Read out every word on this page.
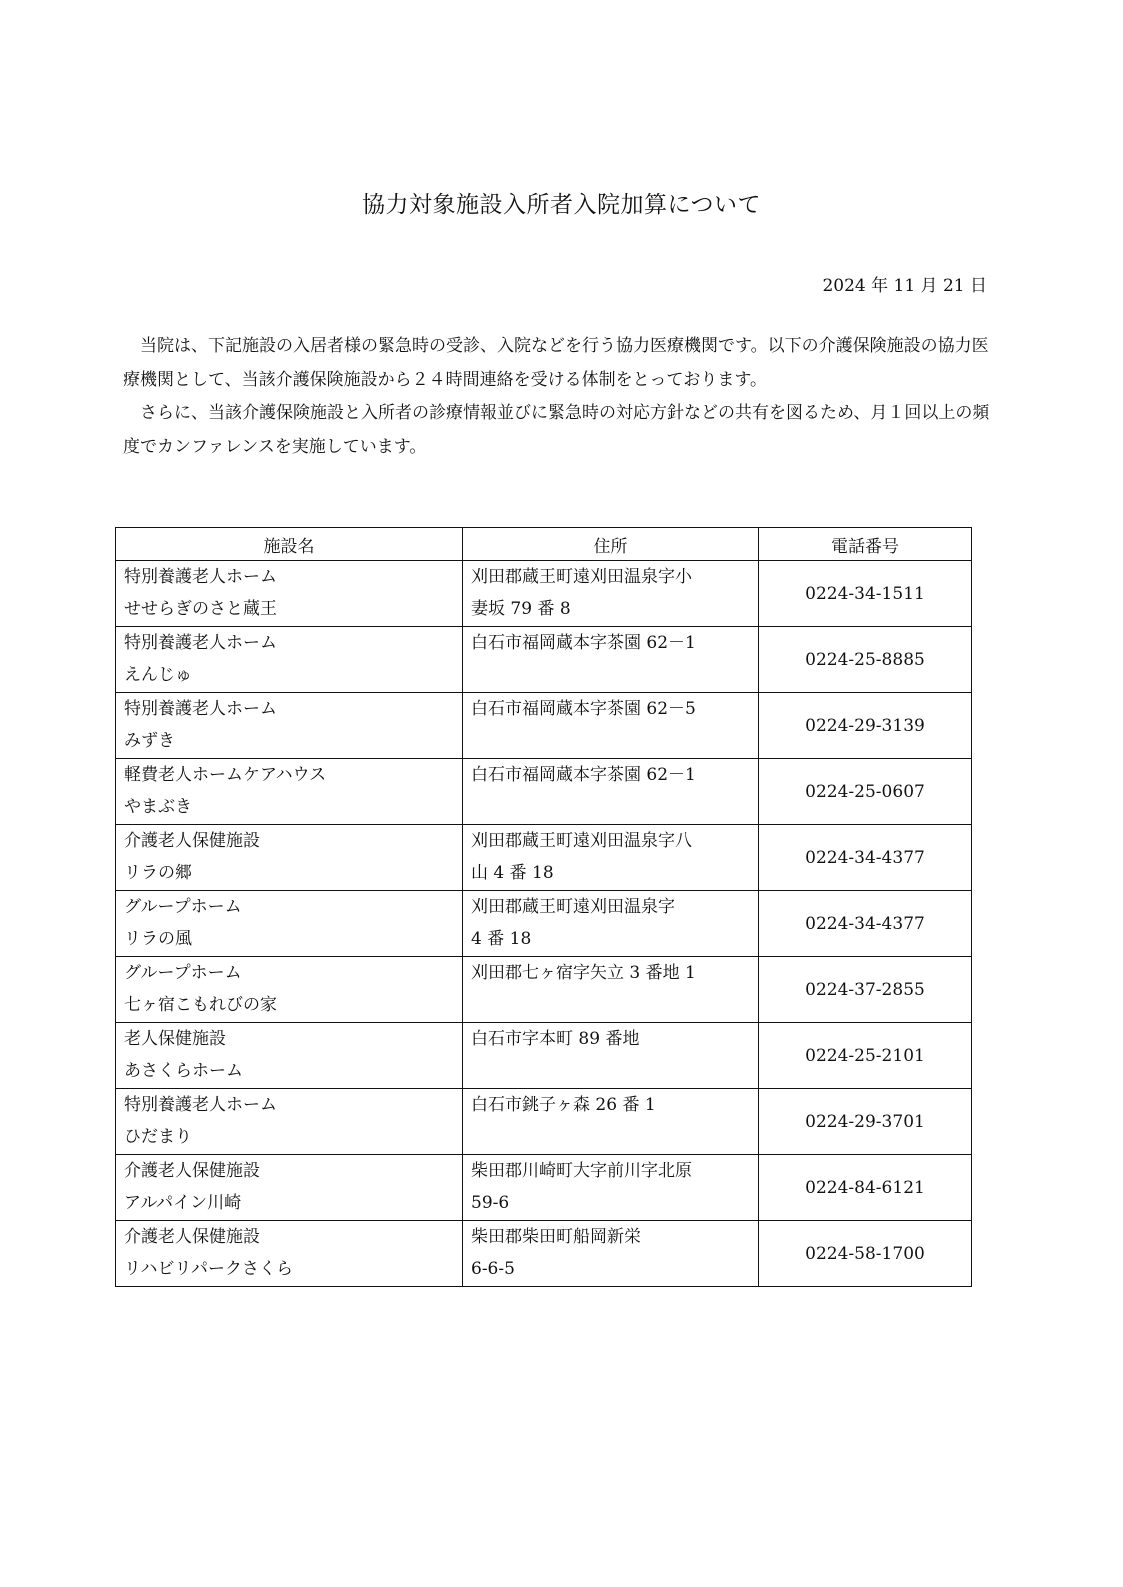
協力対象施設入所者入院加算について
2024 年 11 月 21 日

当院は、下記施設の入居者様の緊急時の受診、入院などを行う協力医療機関です。以下の介護保険施設の協力医療機関として、当該介護保険施設から２４時間連絡を受ける体制をとっております。

さらに、当該介護保険施設と入所者の診療情報並びに緊急時の対応方針などの共有を図るため、月１回以上の頻度でカンファレンスを実施しています。

施設名	住所	電話番号

特別養護老人ホーム
せせらぎのさと蔵王	刈田郡蔵王町遠刈田温泉字小
妻坂 79 番 8	0224-34-1511

特別養護老人ホーム
えんじゅ	白石市福岡蔵本字茶園 62－1	0224-25-8885

特別養護老人ホーム
みずき	白石市福岡蔵本字茶園 62－5	0224-29-3139

軽費老人ホームケアハウス
やまぶき	白石市福岡蔵本字茶園 62－1	0224-25-0607

介護老人保健施設
リラの郷	刈田郡蔵王町遠刈田温泉字八
山 4 番 18	0224-34-4377

グループホーム
リラの風	刈田郡蔵王町遠刈田温泉字
4 番 18	0224-34-4377

グループホーム
七ヶ宿こもれびの家	刈田郡七ヶ宿字矢立 3 番地 1	0224-37-2855

老人保健施設
あさくらホーム	白石市字本町 89 番地	0224-25-2101

特別養護老人ホーム
ひだまり	白石市銚子ヶ森 26 番 1	0224-29-3701

介護老人保健施設
アルパイン川崎	柴田郡川崎町大字前川字北原
59-6	0224-84-6121

介護老人保健施設
リハビリパークさくら	柴田郡柴田町船岡新栄
6-6-5	0224-58-1700
